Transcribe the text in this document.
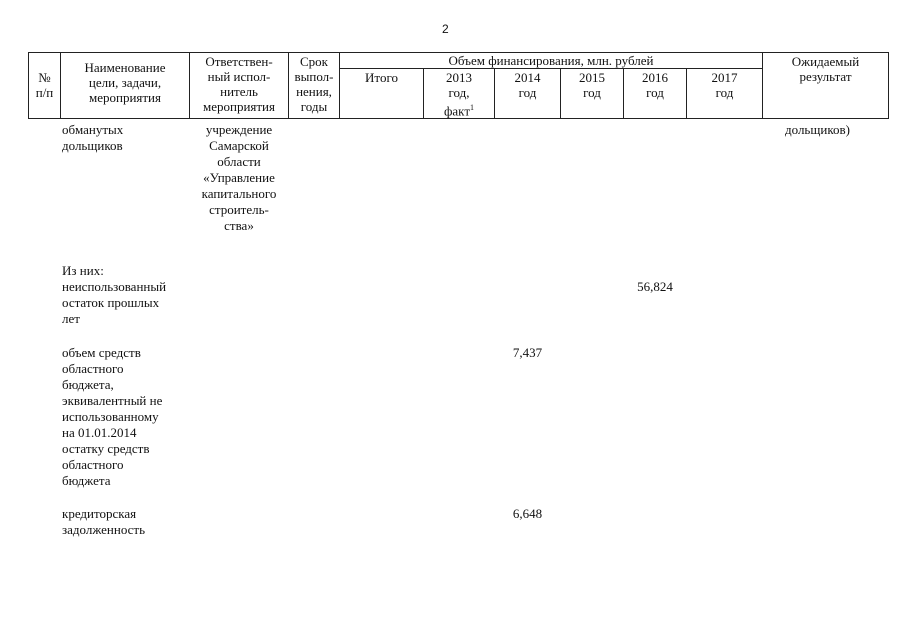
2
№
п/п
Наименование
цели, задачи,
мероприятия
Ответствен-
ный испол-
нитель
мероприятия
Срок
выпол-
нения,
годы
Объем финансирования, млн. рублей
Итого	2013
год,
факт$^1$
2014
год
2015
год
2016
год
2017
год
Ожидаемый
результат
обманутых
дольщиков
учреждение
Самарской
области
«Управление
капитального
строитель-
ства»
дольщиков)
Из них:
неиспользованный
остаток прошлых
лет
56,824
объем средств
областного
бюджета,
эквивалентный не
использованному
на 01.01.2014
остатку средств
областного
бюджета
7,437
кредиторская
задолженность
6,648
